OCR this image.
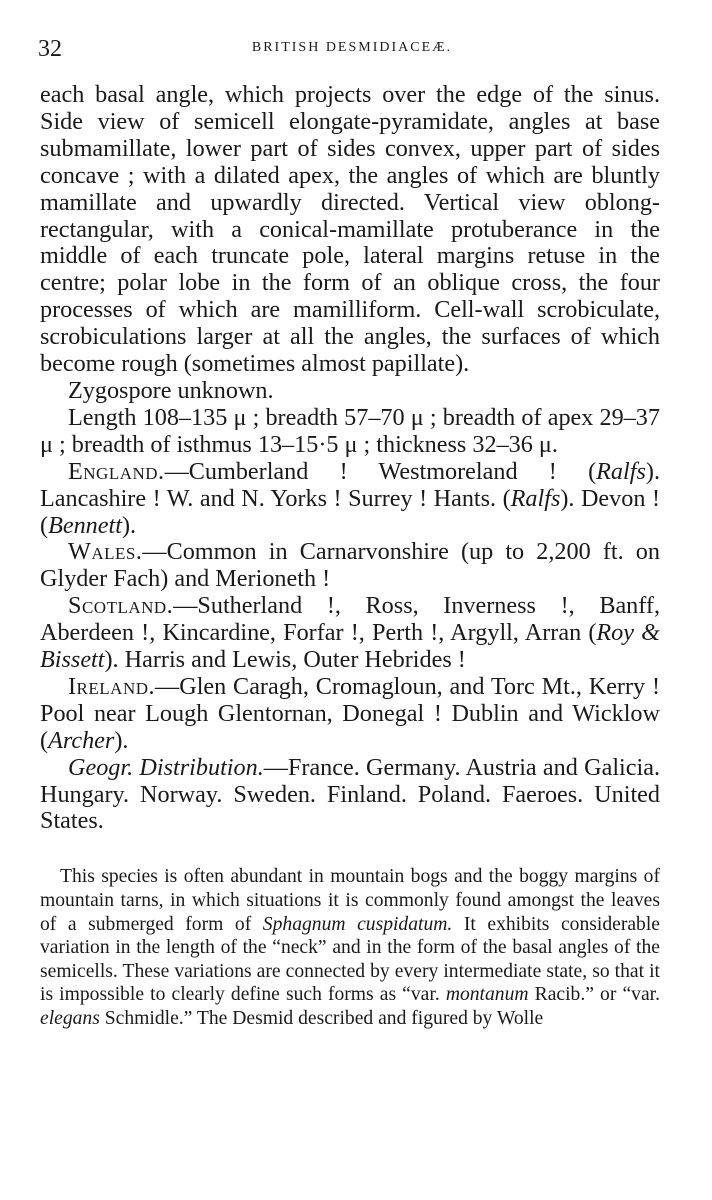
32	BRITISH DESMIDIACEÆ.

each basal angle, which projects over the edge of the sinus. Side view of semicell elongate-pyramidate, angles at base submamillate, lower part of sides convex, upper part of sides concave ; with a dilated apex, the angles of which are bluntly mamillate and upwardly directed. Vertical view oblong-rectangular, with a conical-mamillate protuberance in the middle of each truncate pole, lateral margins retuse in the centre; polar lobe in the form of an oblique cross, the four processes of which are mamilliform. Cell-wall scrobiculate, scrobiculations larger at all the angles, the surfaces of which become rough (sometimes almost papillate).

Zygospore unknown.

Length 108–135 μ ; breadth 57–70 μ ; breadth of apex 29–37 μ ; breadth of isthmus 13–15·5 μ ; thickness 32–36 μ.

England.—Cumberland ! Westmoreland ! (Ralfs). Lancashire ! W. and N. Yorks ! Surrey ! Hants. (Ralfs). Devon ! (Bennett).

Wales.—Common in Carnarvonshire (up to 2,200 ft. on Glyder Fach) and Merioneth !

Scotland.—Sutherland !, Ross, Inverness !, Banff, Aberdeen !, Kincardine, Forfar !, Perth !, Argyll, Arran (Roy & Bissett). Harris and Lewis, Outer Hebrides !

Ireland.—Glen Caragh, Cromagloun, and Torc Mt., Kerry ! Pool near Lough Glentornan, Donegal ! Dublin and Wicklow (Archer).

Geogr. Distribution.—France. Germany. Austria and Galicia. Hungary. Norway. Sweden. Finland. Poland. Faeroes. United States.

This species is often abundant in mountain bogs and the boggy margins of mountain tarns, in which situations it is commonly found amongst the leaves of a submerged form of Sphagnum cuspidatum. It exhibits considerable variation in the length of the “neck” and in the form of the basal angles of the semicells. These variations are connected by every intermediate state, so that it is impossible to clearly define such forms as “var. montanum Racib.” or “var. elegans Schmidle.” The Desmid described and figured by Wolle
